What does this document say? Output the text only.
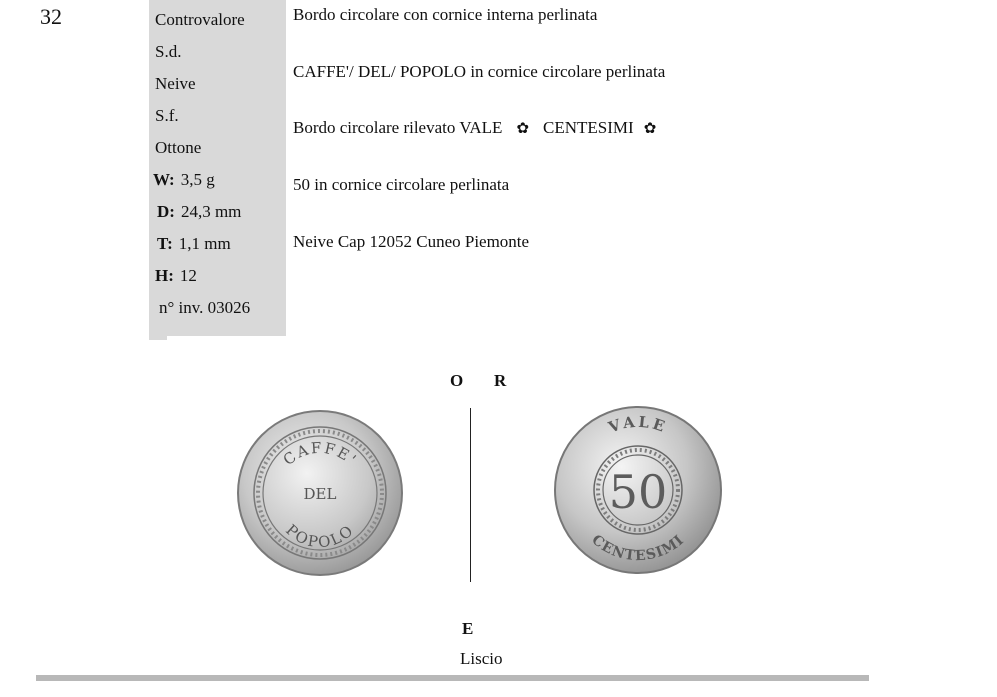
32	Controvalore
S.d.
Neive
S.f.
Ottone
W: 3,5 g
D: 24,3 mm
T: 1,1 mm
H: 12
n° inv. 03026
Bordo circolare con cornice interna perlinata
CAFFE'/ DEL/ POPOLO in cornice circolare perlinata
Bordo circolare rilevato VALE ✿ CENTESIMI ✿
50 in cornice circolare perlinata
Neive Cap 12052 Cuneo Piemonte
O R
CAFFE'
DEL
POPOLO
VALE
50
CENTESIMI
E
Liscio
